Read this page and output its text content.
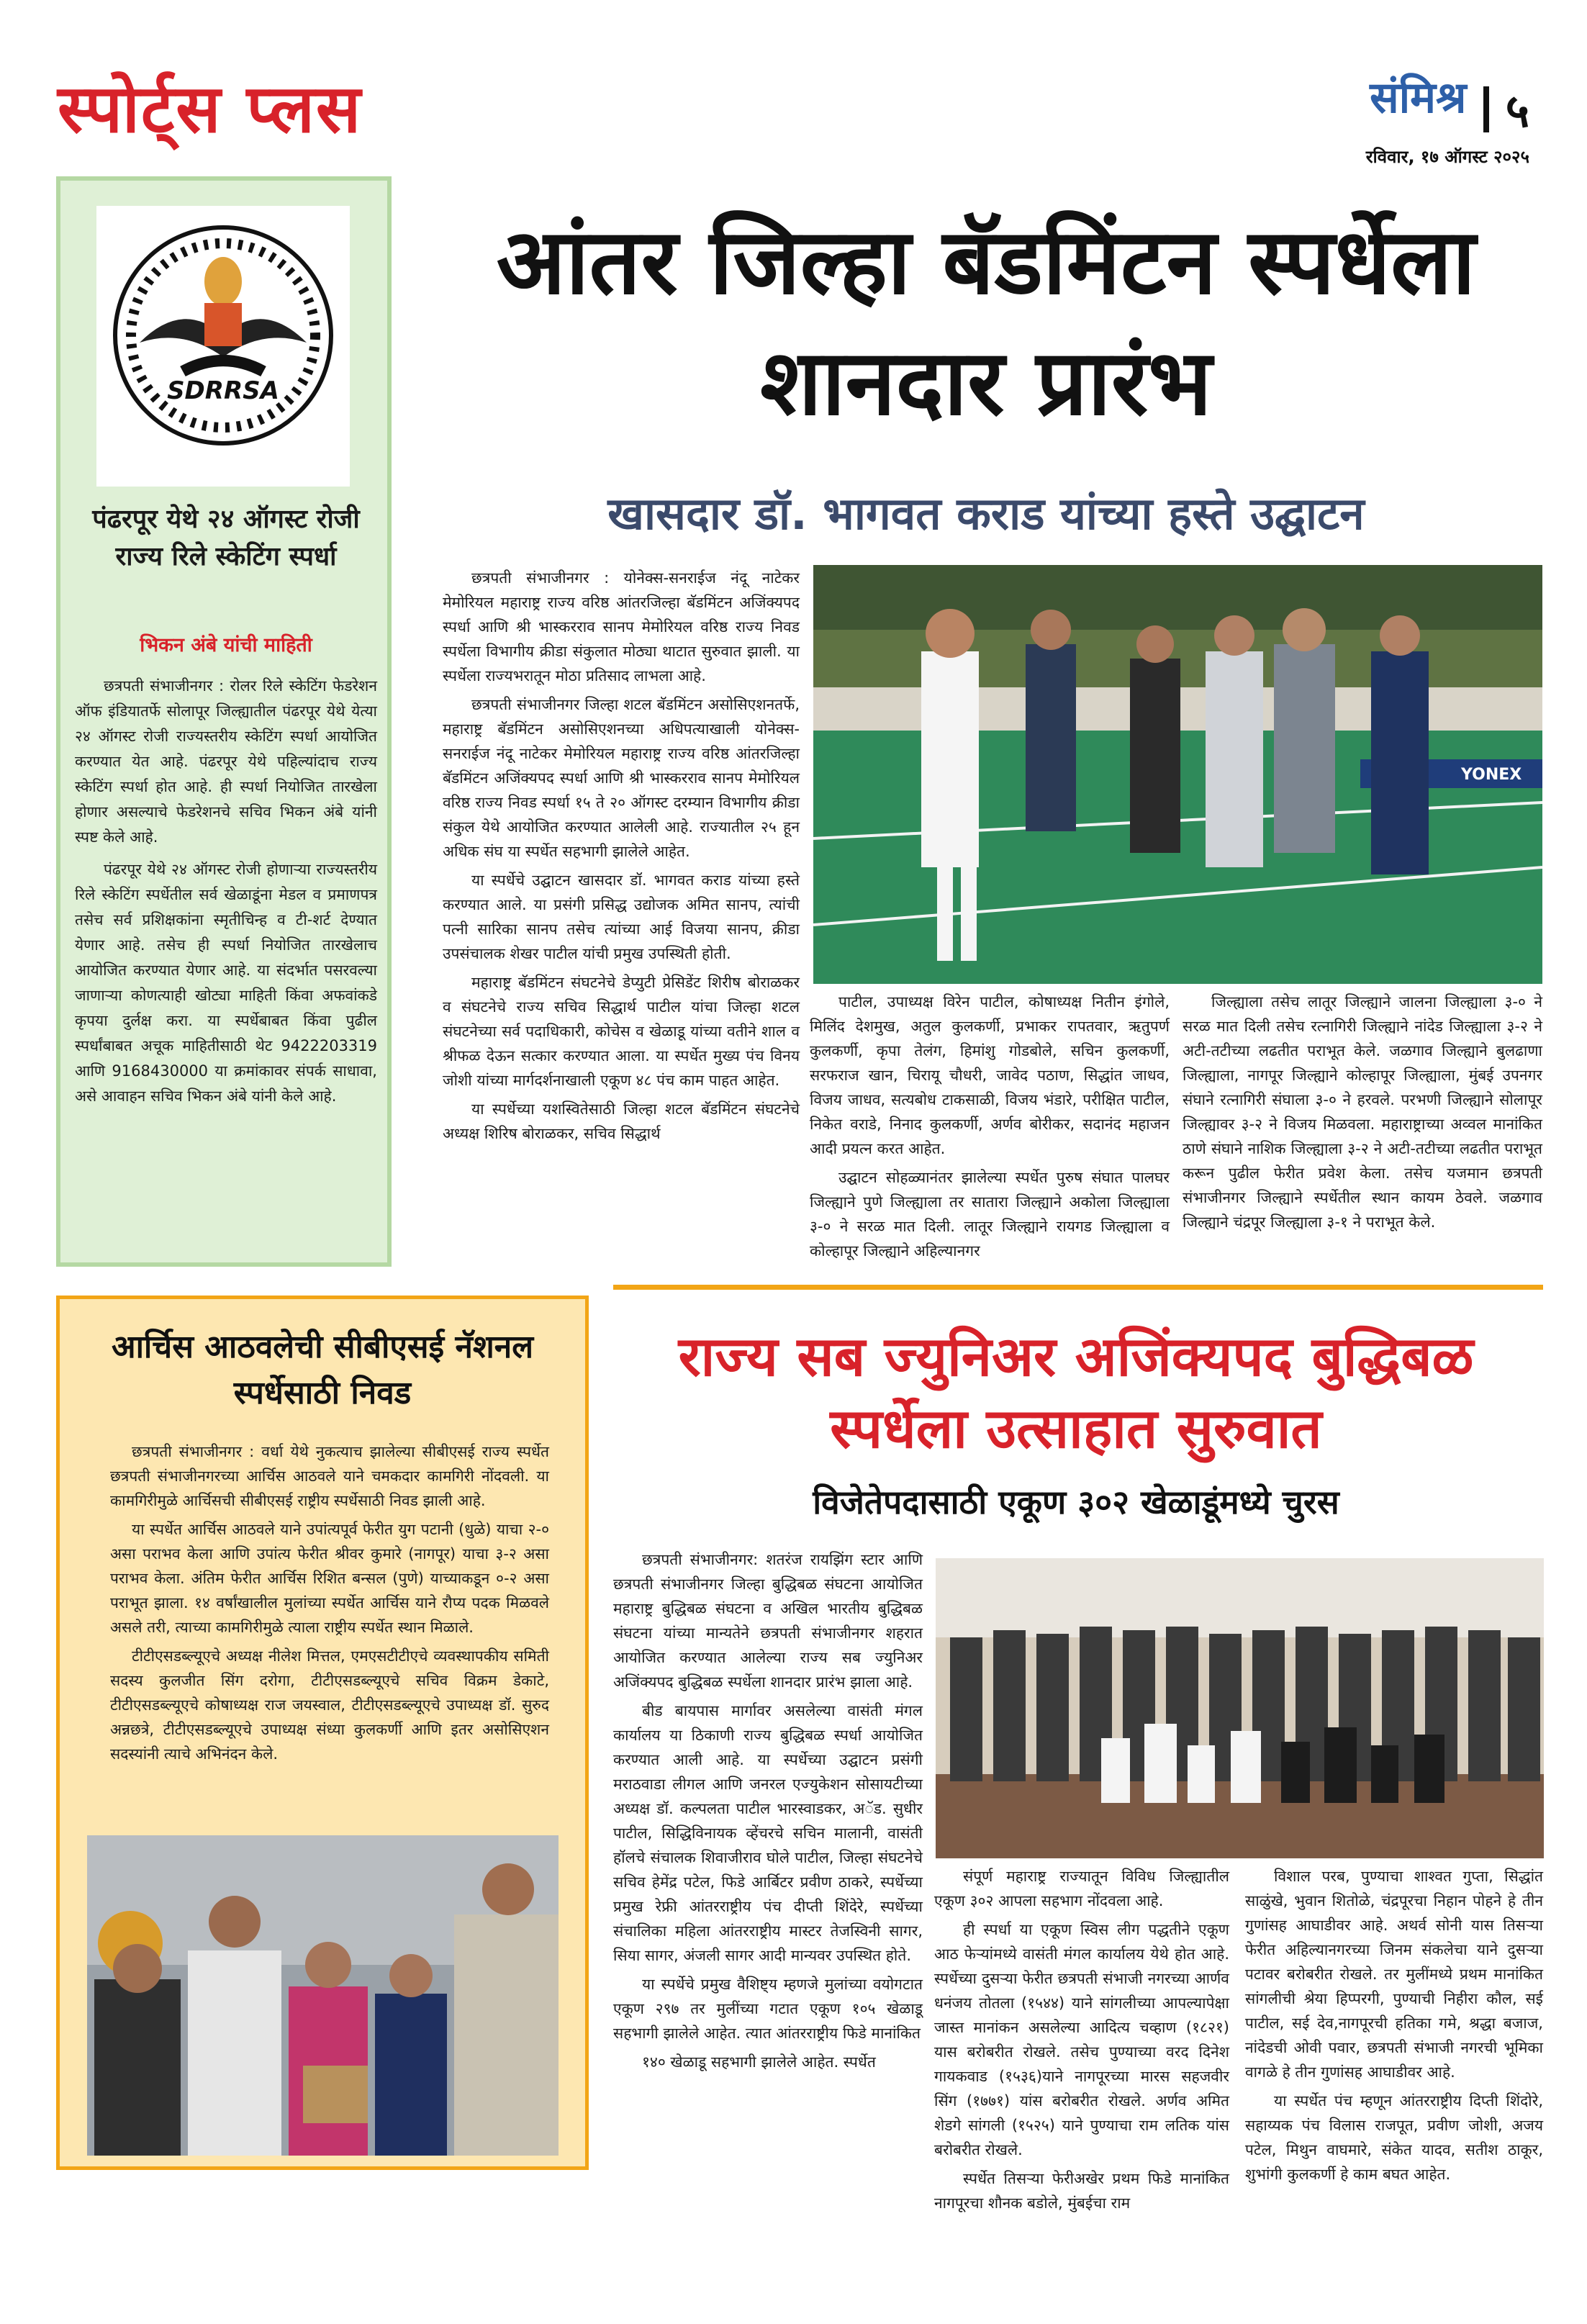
स्पोर्ट्स प्लस	संमिश्र ५
रविवार, १७ ऑगस्ट २०२५
SDRRSA
पंढरपूर येथे २४ ऑगस्ट रोजी राज्य रिले स्केटिंग स्पर्धा
भिकन अंबे यांची माहिती

छत्रपती संभाजीनगर : रोलर रिले स्केटिंग फेडरेशन ऑफ इंडियातर्फे सोलापूर जिल्ह्यातील पंढरपूर येथे येत्या २४ ऑगस्ट रोजी राज्यस्तरीय स्केटिंग स्पर्धा आयोजित करण्यात येत आहे. पंढरपूर येथे पहिल्यांदाच राज्य स्केटिंग स्पर्धा होत आहे. ही स्पर्धा नियोजित तारखेला होणार असल्याचे फेडरेशनचे सचिव भिकन अंबे यांनी स्पष्ट केले आहे.

पंढरपूर येथे २४ ऑगस्ट रोजी होणाऱ्या राज्यस्तरीय रिले स्केटिंग स्पर्धेतील सर्व खेळाडूंना मेडल व प्रमाणपत्र तसेच सर्व प्रशिक्षकांना स्मृतीचिन्ह व टी-शर्ट देण्यात येणार आहे. तसेच ही स्पर्धा नियोजित तारखेलाच आयोजित करण्यात येणार आहे. या संदर्भात पसरवल्या जाणाऱ्या कोणत्याही खोट्या माहिती किंवा अफवांकडे कृपया दुर्लक्ष करा. या स्पर्धेबाबत किंवा पुढील स्पर्धांबाबत अचूक माहितीसाठी थेट 9422203319 आणि 9168430000 या क्रमांकावर संपर्क साधावा, असे आवाहन सचिव भिकन अंबे यांनी केले आहे.

आंतर जिल्हा बॅडमिंटन स्पर्धेला शानदार प्रारंभ
खासदार डॉ. भागवत कराड यांच्या हस्ते उद्घाटन

छत्रपती संभाजीनगर : योनेक्स-सनराईज नंदू नाटेकर मेमोरियल महाराष्ट्र राज्य वरिष्ठ आंतरजिल्हा बॅडमिंटन अजिंक्यपद स्पर्धा आणि श्री भास्करराव सानप मेमोरियल वरिष्ठ राज्य निवड स्पर्धेला विभागीय क्रीडा संकुलात मोठ्या थाटात सुरुवात झाली. या स्पर्धेला राज्यभरातून मोठा प्रतिसाद लाभला आहे.

छत्रपती संभाजीनगर जिल्हा शटल बॅडमिंटन असोसिएशनतर्फे, महाराष्ट्र बॅडमिंटन असोसिएशनच्या अधिपत्याखाली योनेक्स-सनराईज नंदू नाटेकर मेमोरियल महाराष्ट्र राज्य वरिष्ठ आंतरजिल्हा बॅडमिंटन अजिंक्यपद स्पर्धा आणि श्री भास्करराव सानप मेमोरियल वरिष्ठ राज्य निवड स्पर्धा १५ ते २० ऑगस्ट दरम्यान विभागीय क्रीडा संकुल येथे आयोजित करण्यात आलेली आहे. राज्यातील २५ हून अधिक संघ या स्पर्धेत सहभागी झालेले आहेत.

या स्पर्धेचे उद्घाटन खासदार डॉ. भागवत कराड यांच्या हस्ते करण्यात आले. या प्रसंगी प्रसिद्ध उद्योजक अमित सानप, त्यांची पत्नी सारिका सानप तसेच त्यांच्या आई विजया सानप, क्रीडा उपसंचालक शेखर पाटील यांची प्रमुख उपस्थिती होती.

महाराष्ट्र बॅडमिंटन संघटनेचे डेप्युटी प्रेसिडेंट शिरीष बोराळकर व संघटनेचे राज्य सचिव सिद्धार्थ पाटील यांचा जिल्हा शटल संघटनेच्या सर्व पदाधिकारी, कोचेस व खेळाडू यांच्या वतीने शाल व श्रीफळ देऊन सत्कार करण्यात आला. या स्पर्धेत मुख्य पंच विनय जोशी यांच्या मार्गदर्शनाखाली एकूण ४८ पंच काम पाहत आहेत.

या स्पर्धेच्या यशस्वितेसाठी जिल्हा शटल बॅडमिंटन संघटनेचे अध्यक्ष शिरिष बोराळकर, सचिव सिद्धार्थ

YONEX

पाटील, उपाध्यक्ष विरेन पाटील, कोषाध्यक्ष नितीन इंगोले, मिलिंद देशमुख, अतुल कुलकर्णी, प्रभाकर रापतवार, ऋतुपर्ण कुलकर्णी, कृपा तेलंग, हिमांशु गोडबोले, सचिन कुलकर्णी, सरफराज खान, चिरायू चौधरी, जावेद पठाण, सिद्धांत जाधव, विजय जाधव, सत्यबोध टाकसाळी, विजय भंडारे, परीक्षित पाटील, निकेत वराडे, निनाद कुलकर्णी, अर्णव बोरीकर, सदानंद महाजन आदी प्रयत्न करत आहेत.

उद्घाटन सोहळ्यानंतर झालेल्या स्पर्धेत पुरुष संघात पालघर जिल्ह्याने पुणे जिल्ह्याला तर सातारा जिल्ह्याने अकोला जिल्ह्याला ३-० ने सरळ मात दिली. लातूर जिल्ह्याने रायगड जिल्ह्याला व कोल्हापूर जिल्ह्याने अहिल्यानगर

जिल्ह्याला तसेच लातूर जिल्ह्याने जालना जिल्ह्याला ३-० ने सरळ मात दिली तसेच रत्नागिरी जिल्ह्याने नांदेड जिल्ह्याला ३-२ ने अटी-तटीच्या लढतीत पराभूत केले. जळगाव जिल्ह्याने बुलढाणा जिल्ह्याला, नागपूर जिल्ह्याने कोल्हापूर जिल्ह्याला, मुंबई उपनगर संघाने रत्नागिरी संघाला ३-० ने हरवले. परभणी जिल्ह्याने सोलापूर जिल्ह्यावर ३-२ ने विजय मिळवला. महाराष्ट्राच्या अव्वल मानांकित ठाणे संघाने नाशिक जिल्ह्याला ३-२ ने अटी-तटीच्या लढतीत पराभूत करून पुढील फेरीत प्रवेश केला. तसेच यजमान छत्रपती संभाजीनगर जिल्ह्याने स्पर्धेतील स्थान कायम ठेवले. जळगाव जिल्ह्याने चंद्रपूर जिल्ह्याला ३-१ ने पराभूत केले.

आर्चिस आठवलेची सीबीएसई नॅशनल स्पर्धेसाठी निवड

छत्रपती संभाजीनगर : वर्धा येथे नुकत्याच झालेल्या सीबीएसई राज्य स्पर्धेत छत्रपती संभाजीनगरच्या आर्चिस आठवले याने चमकदार कामगिरी नोंदवली. या कामगिरीमुळे आर्चिसची सीबीएसई राष्ट्रीय स्पर्धेसाठी निवड झाली आहे.

या स्पर्धेत आर्चिस आठवले याने उपांत्यपूर्व फेरीत युग पटानी (धुळे) याचा २-० असा पराभव केला आणि उपांत्य फेरीत श्रीवर कुमारे (नागपूर) याचा ३-२ असा पराभव केला. अंतिम फेरीत आर्चिस रिशित बन्सल (पुणे) याच्याकडून ०-२ असा पराभूत झाला. १४ वर्षांखालील मुलांच्या स्पर्धेत आर्चिस याने रौप्य पदक मिळवले असले तरी, त्याच्या कामगिरीमुळे त्याला राष्ट्रीय स्पर्धेत स्थान मिळाले.

टीटीएसडब्ल्यूएचे अध्यक्ष नीलेश मित्तल, एमएसटीटीएचे व्यवस्थापकीय समिती सदस्य कुलजीत सिंग दरोगा, टीटीएसडब्ल्यूएचे सचिव विक्रम डेकाटे, टीटीएसडब्ल्यूएचे कोषाध्यक्ष राज जयस्वाल, टीटीएसडब्ल्यूएचे उपाध्यक्ष डॉ. सुरुद अन्नछत्रे, टीटीएसडब्ल्यूएचे उपाध्यक्ष संध्या कुलकर्णी आणि इतर असोसिएशन सदस्यांनी त्याचे अभिनंदन केले.

राज्य सब ज्युनिअर अजिंक्यपद बुद्धिबळ स्पर्धेला उत्साहात सुरुवात
विजेतेपदासाठी एकूण ३०२ खेळाडूंमध्ये चुरस

छत्रपती संभाजीनगर: शतरंज रायझिंग स्टार आणि छत्रपती संभाजीनगर जिल्हा बुद्धिबळ संघटना आयोजित महाराष्ट्र बुद्धिबळ संघटना व अखिल भारतीय बुद्धिबळ संघटना यांच्या मान्यतेने छत्रपती संभाजीनगर शहरात आयोजित करण्यात आलेल्या राज्य सब ज्युनिअर अजिंक्यपद बुद्धिबळ स्पर्धेला शानदार प्रारंभ झाला आहे.

बीड बायपास मार्गावर असलेल्या वासंती मंगल कार्यालय या ठिकाणी राज्य बुद्धिबळ स्पर्धा आयोजित करण्यात आली आहे. या स्पर्धेच्या उद्घाटन प्रसंगी मराठवाडा लीगल आणि जनरल एज्युकेशन सोसायटीच्या अध्यक्ष डॉ. कल्पलता पाटील भारस्वाडकर, अॅड. सुधीर पाटील, सिद्धिविनायक व्हेंचरचे सचिन मालानी, वासंती हॉलचे संचालक शिवाजीराव घोले पाटील, जिल्हा संघटनेचे सचिव हेमेंद्र पटेल, फिडे आर्बिटर प्रवीण ठाकरे, स्पर्धेच्या प्रमुख रेफ्री आंतरराष्ट्रीय पंच दीप्ती शिंदेरे, स्पर्धेच्या संचालिका महिला आंतरराष्ट्रीय मास्टर तेजस्विनी सागर, सिया सागर, अंजली सागर आदी मान्यवर उपस्थित होते.

या स्पर्धेचे प्रमुख वैशिष्ट्य म्हणजे मुलांच्या वयोगटात एकूण २९७ तर मुलींच्या गटात एकूण १०५ खेळाडू सहभागी झालेले आहेत. त्यात आंतरराष्ट्रीय फिडे मानांकित

१४० खेळाडू सहभागी झालेले आहेत. स्पर्धेत

संपूर्ण महाराष्ट्र राज्यातून विविध जिल्ह्यातील एकूण ३०२ आपला सहभाग नोंदवला आहे.

ही स्पर्धा या एकूण स्विस लीग पद्धतीने एकूण आठ फेऱ्यांमध्ये वासंती मंगल कार्यालय येथे होत आहे. स्पर्धेच्या दुसऱ्या फेरीत छत्रपती संभाजी नगरच्या आर्णव धनंजय तोतला (१५४४) याने सांगलीच्या आपल्यापेक्षा जास्त मानांकन असलेल्या आदित्य चव्हाण (१८२१) यास बरोबरीत रोखले. तसेच पुण्याच्या वरद दिनेश गायकवाड (१५३६)याने नागपूरच्या मारस सहजवीर सिंग (१७७१) यांस बरोबरीत रोखले. अर्णव अमित शेडगे सांगली (१५२५) याने पुण्याचा राम लतिक यांस बरोबरीत रोखले.

स्पर्धेत तिसऱ्या फेरीअखेर प्रथम फिडे मानांकित नागपूरचा शौनक बडोले, मुंबईचा राम

विशाल परब, पुण्याचा शाश्वत गुप्ता, सिद्धांत साळुंखे, भुवान शितोळे, चंद्रपूरचा निहान पोहने हे तीन गुणांसह आघाडीवर आहे. अथर्व सोनी यास तिसऱ्या फेरीत अहिल्यानगरच्या जिनम संकलेचा याने दुसऱ्या पटावर बरोबरीत रोखले. तर मुलींमध्ये प्रथम मानांकित सांगलीची श्रेया हिप्परगी, पुण्याची निहीरा कौल, सई पाटील, सई देव,नागपूरची हतिका गमे, श्रद्धा बजाज, नांदेडची ओवी पवार, छत्रपती संभाजी नगरची भूमिका वागळे हे तीन गुणांसह आघाडीवर आहे.

या स्पर्धेत पंच म्हणून आंतरराष्ट्रीय दिप्ती शिंदोरे, सहाय्यक पंच विलास राजपूत, प्रवीण जोशी, अजय पटेल, मिथुन वाघमारे, संकेत यादव, सतीश ठाकूर, शुभांगी कुलकर्णी हे काम बघत आहेत.
